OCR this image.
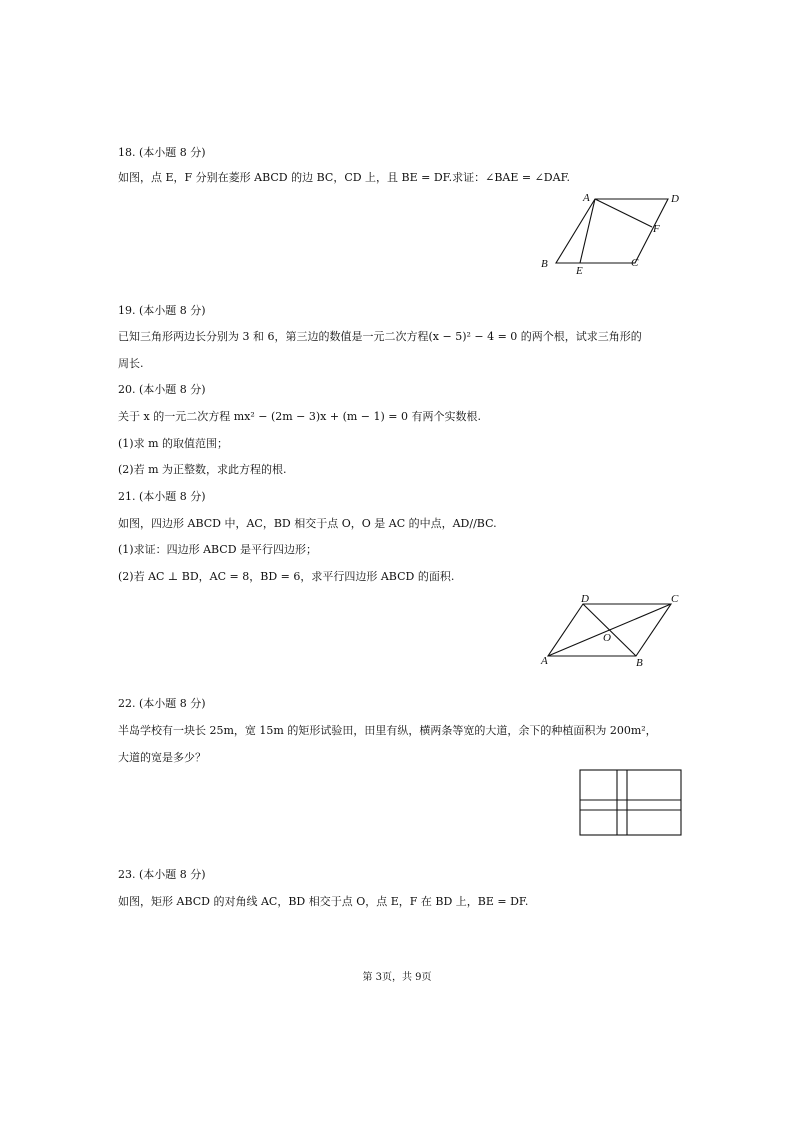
18. (本小题 8 分)
如图，点 E，F 分别在菱形 ABCD 的边 BC，CD 上，且 BE = DF.求证：∠BAE = ∠DAF.
A	D
F
B
E
C
19. (本小题 8 分)
已知三角形两边长分别为 3 和 6，第三边的数值是一元二次方程(x − 5)² − 4 = 0 的两个根，试求三角形的
周长.
20. (本小题 8 分)
关于 x 的一元二次方程 mx² − (2m − 3)x + (m − 1) = 0 有两个实数根.
(1)求 m 的取值范围；
(2)若 m 为正整数，求此方程的根.
21. (本小题 8 分)
如图，四边形 ABCD 中，AC，BD 相交于点 O，O 是 AC 的中点，AD//BC.
(1)求证：四边形 ABCD 是平行四边形；
(2)若 AC ⊥ BD，AC = 8，BD = 6，求平行四边形 ABCD 的面积.
D	C
O
A	B
22. (本小题 8 分)
半岛学校有一块长 25m，宽 15m 的矩形试验田，田里有纵，横两条等宽的大道，余下的种植面积为 200m²，
大道的宽是多少？
23. (本小题 8 分)
如图，矩形 ABCD 的对角线 AC，BD 相交于点 O，点 E，F 在 BD 上，BE = DF.
第 3页，共 9页
